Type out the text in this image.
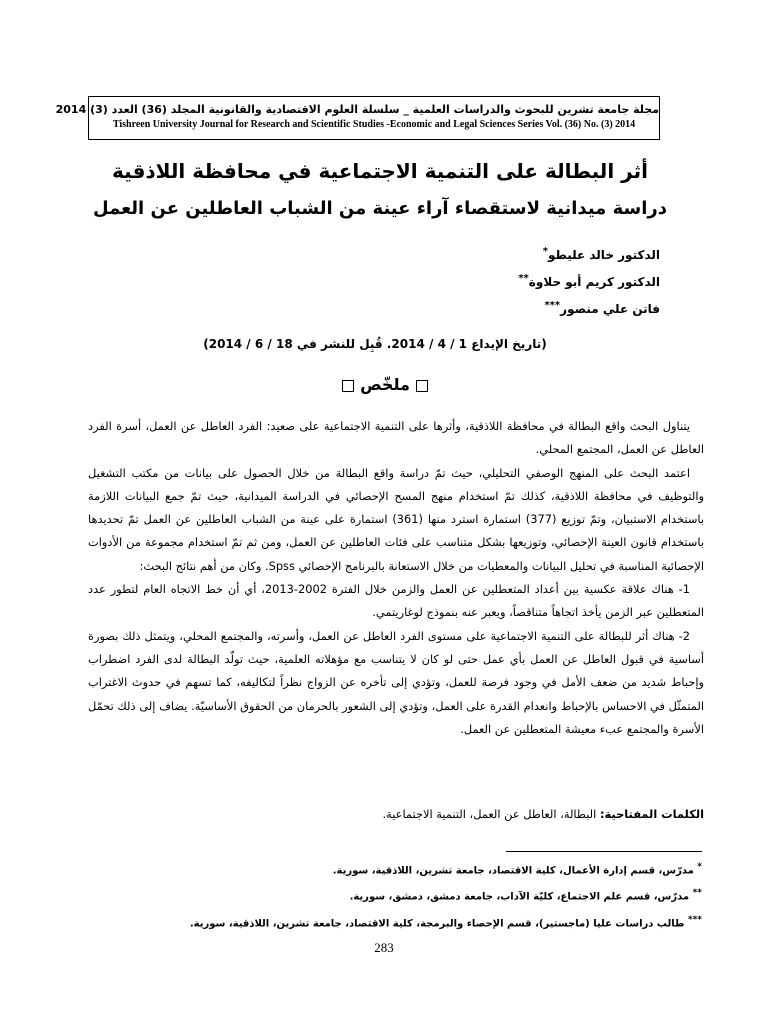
مجلة جامعة تشرين للبحوث والدراسات العلمية _ سلسلة العلوم الاقتصادية والقانونية المجلد (36) العدد (3) 2014
Tishreen University Journal for Research and Scientific Studies -Economic and Legal Sciences Series Vol. (36) No. (3) 2014
أثر البطالة على التنمية الاجتماعية في محافظة اللاذقية
دراسة ميدانية لاستقصاء آراء عينة من الشباب العاطلين عن العمل
الدكتور خالد عليطو*
الدكتور كريم أبو حلاوة**
فاتن علي منصور***
(تاريخ الإيداع 1 / 4 / 2014. قُبِل للنشر في 18 / 6 / 2014)
ملخّص

يتناول البحث واقع البطالة في محافظة اللاذقية، وأثرها على التنمية الاجتماعية على صعيد: الفرد العاطل عن العمل، أسرة الفرد العاطل عن العمل، المجتمع المحلي.

اعتمد البحث على المنهج الوصفي التحليلي، حيث تمّ دراسة واقع البطالة من خلال الحصول على بيانات من مكتب التشغيل والتوظيف في محافظة اللاذقية، كذلك تمّ استخدام منهج المسح الإحصائي في الدراسة الميدانية، حيث تمّ جمع البيانات اللازمة باستخدام الاستبيان، وتمّ توزيع (377) استمارة استرد منها (361) استمارة على عينة من الشباب العاطلين عن العمل تمّ تحديدها باستخدام قانون العينة الإحصائي، وتوزيعها بشكل متناسب على فئات العاطلين عن العمل، ومن ثم تمّ استخدام مجموعة من الأدوات الإحصائية المناسبة في تحليل البيانات والمعطيات من خلال الاستعانة بالبرنامج الإحصائي Spss. وكان من أهم نتائج البحث:

1- هناك علاقة عكسية بين أعداد المتعطلين عن العمل والزمن خلال الفترة 2002-2013، أي أن خط الاتجاه العام لتطور عدد المتعطلين عبر الزمن يأخذ اتجاهاً متناقصاً، ويعبر عنه بنموذج لوغاريتمي.

2- هناك أثر للبطالة على التنمية الاجتماعية على مستوى الفرد العاطل عن العمل، وأسرته، والمجتمع المحلي، ويتمثل ذلك بصورة أساسية في قبول العاطل عن العمل بأي عمل حتى لو كان لا يتناسب مع مؤهلاته العلمية، حيث تولّد البطالة لدى الفرد اضطراب وإحباط شديد من ضعف الأمل في وجود فرصة للعمل، وتؤدي إلى تأخره عن الزواج نظراً لتكاليفه، كما تسهم في حدوث الاغتراب المتمثّل في الاحساس بالإحباط وانعدام القدرة على العمل، وتؤدي إلى الشعور بالحرمان من الحقوق الأساسيّة. يضاف إلى ذلك تحمّل الأسرة والمجتمع عبء معيشة المتعطلين عن العمل.

الكلمات المفتاحية: البطالة، العاطل عن العمل، التنمية الاجتماعية.
* مدرّس، قسم إدارة الأعمال، كلية الاقتصاد، جامعة تشرين، اللاذقية، سورية.
** مدرّس، قسم علم الاجتماع، كليّة الآداب، جامعة دمشق، دمشق، سورية.
*** طالب دراسات عليا (ماجستير)، قسم الإحصاء والبرمجة، كلية الاقتصاد، جامعة تشرين، اللاذقية، سورية.
283
